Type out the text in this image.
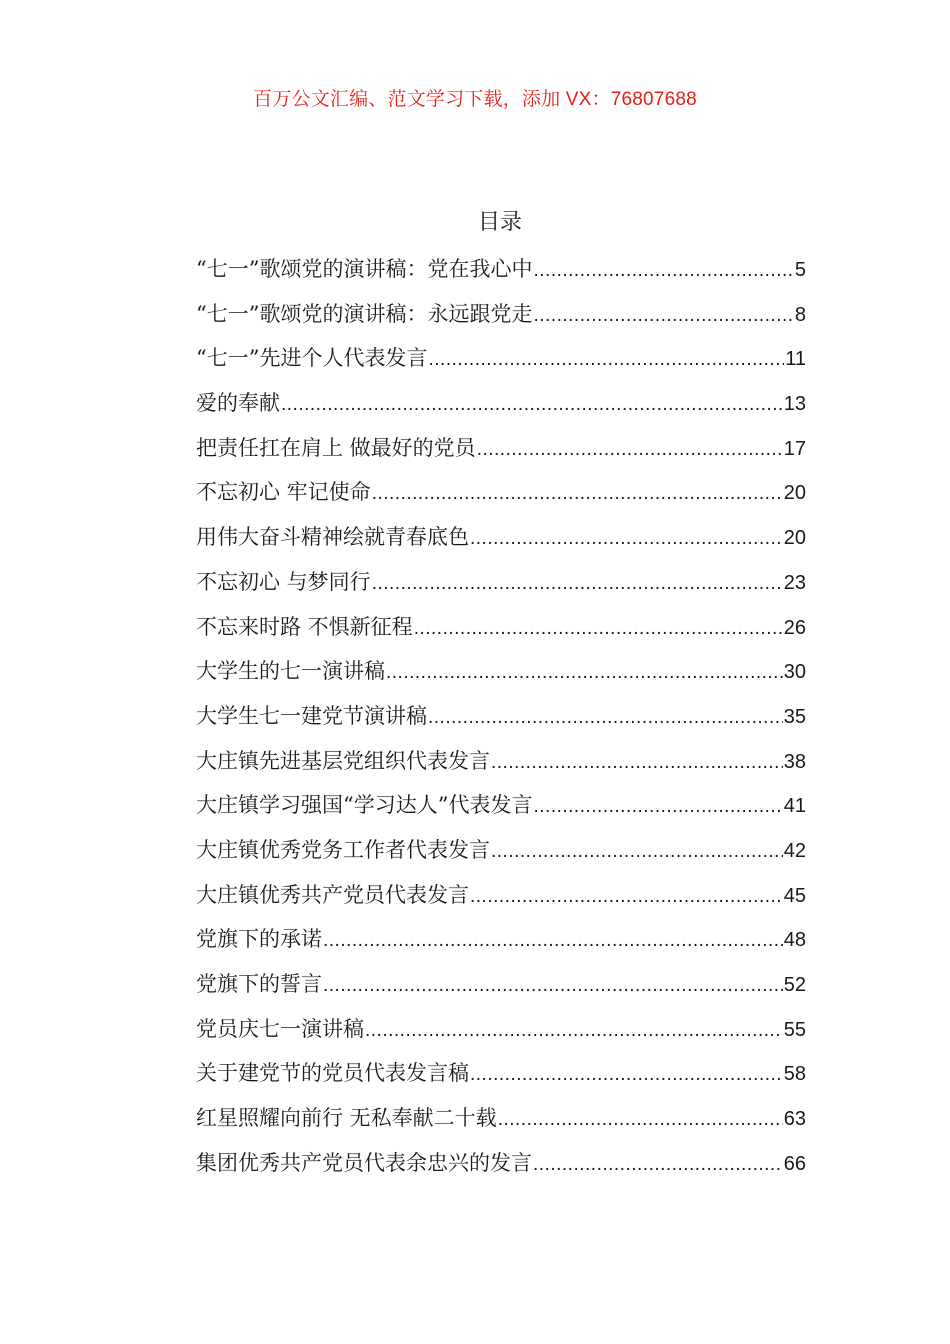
百万公文汇编、范文学习下载，添加 VX：76807688
目录
“七一”歌颂党的演讲稿：党在我心中 .....	5
“七一”歌颂党的演讲稿：永远跟党走 .....	8
“七一”先进个人代表发言 .....	11
爱的奉献 .....	13
把责任扛在肩上 做最好的党员 .....	17
不忘初心 牢记使命 .....	20
用伟大奋斗精神绘就青春底色 .....	20
不忘初心 与梦同行 .....	23
不忘来时路 不惧新征程 .....	26
大学生的七一演讲稿 .....	30
大学生七一建党节演讲稿 .....	35
大庄镇先进基层党组织代表发言 .....	38
大庄镇学习强国“学习达人”代表发言 .....	41
大庄镇优秀党务工作者代表发言 .....	42
大庄镇优秀共产党员代表发言 .....	45
党旗下的承诺 .....	48
党旗下的誓言 .....	52
党员庆七一演讲稿 .....	55
关于建党节的党员代表发言稿 .....	58
红星照耀向前行 无私奉献二十载 .....	63
集团优秀共产党员代表余忠兴的发言 .....	66
